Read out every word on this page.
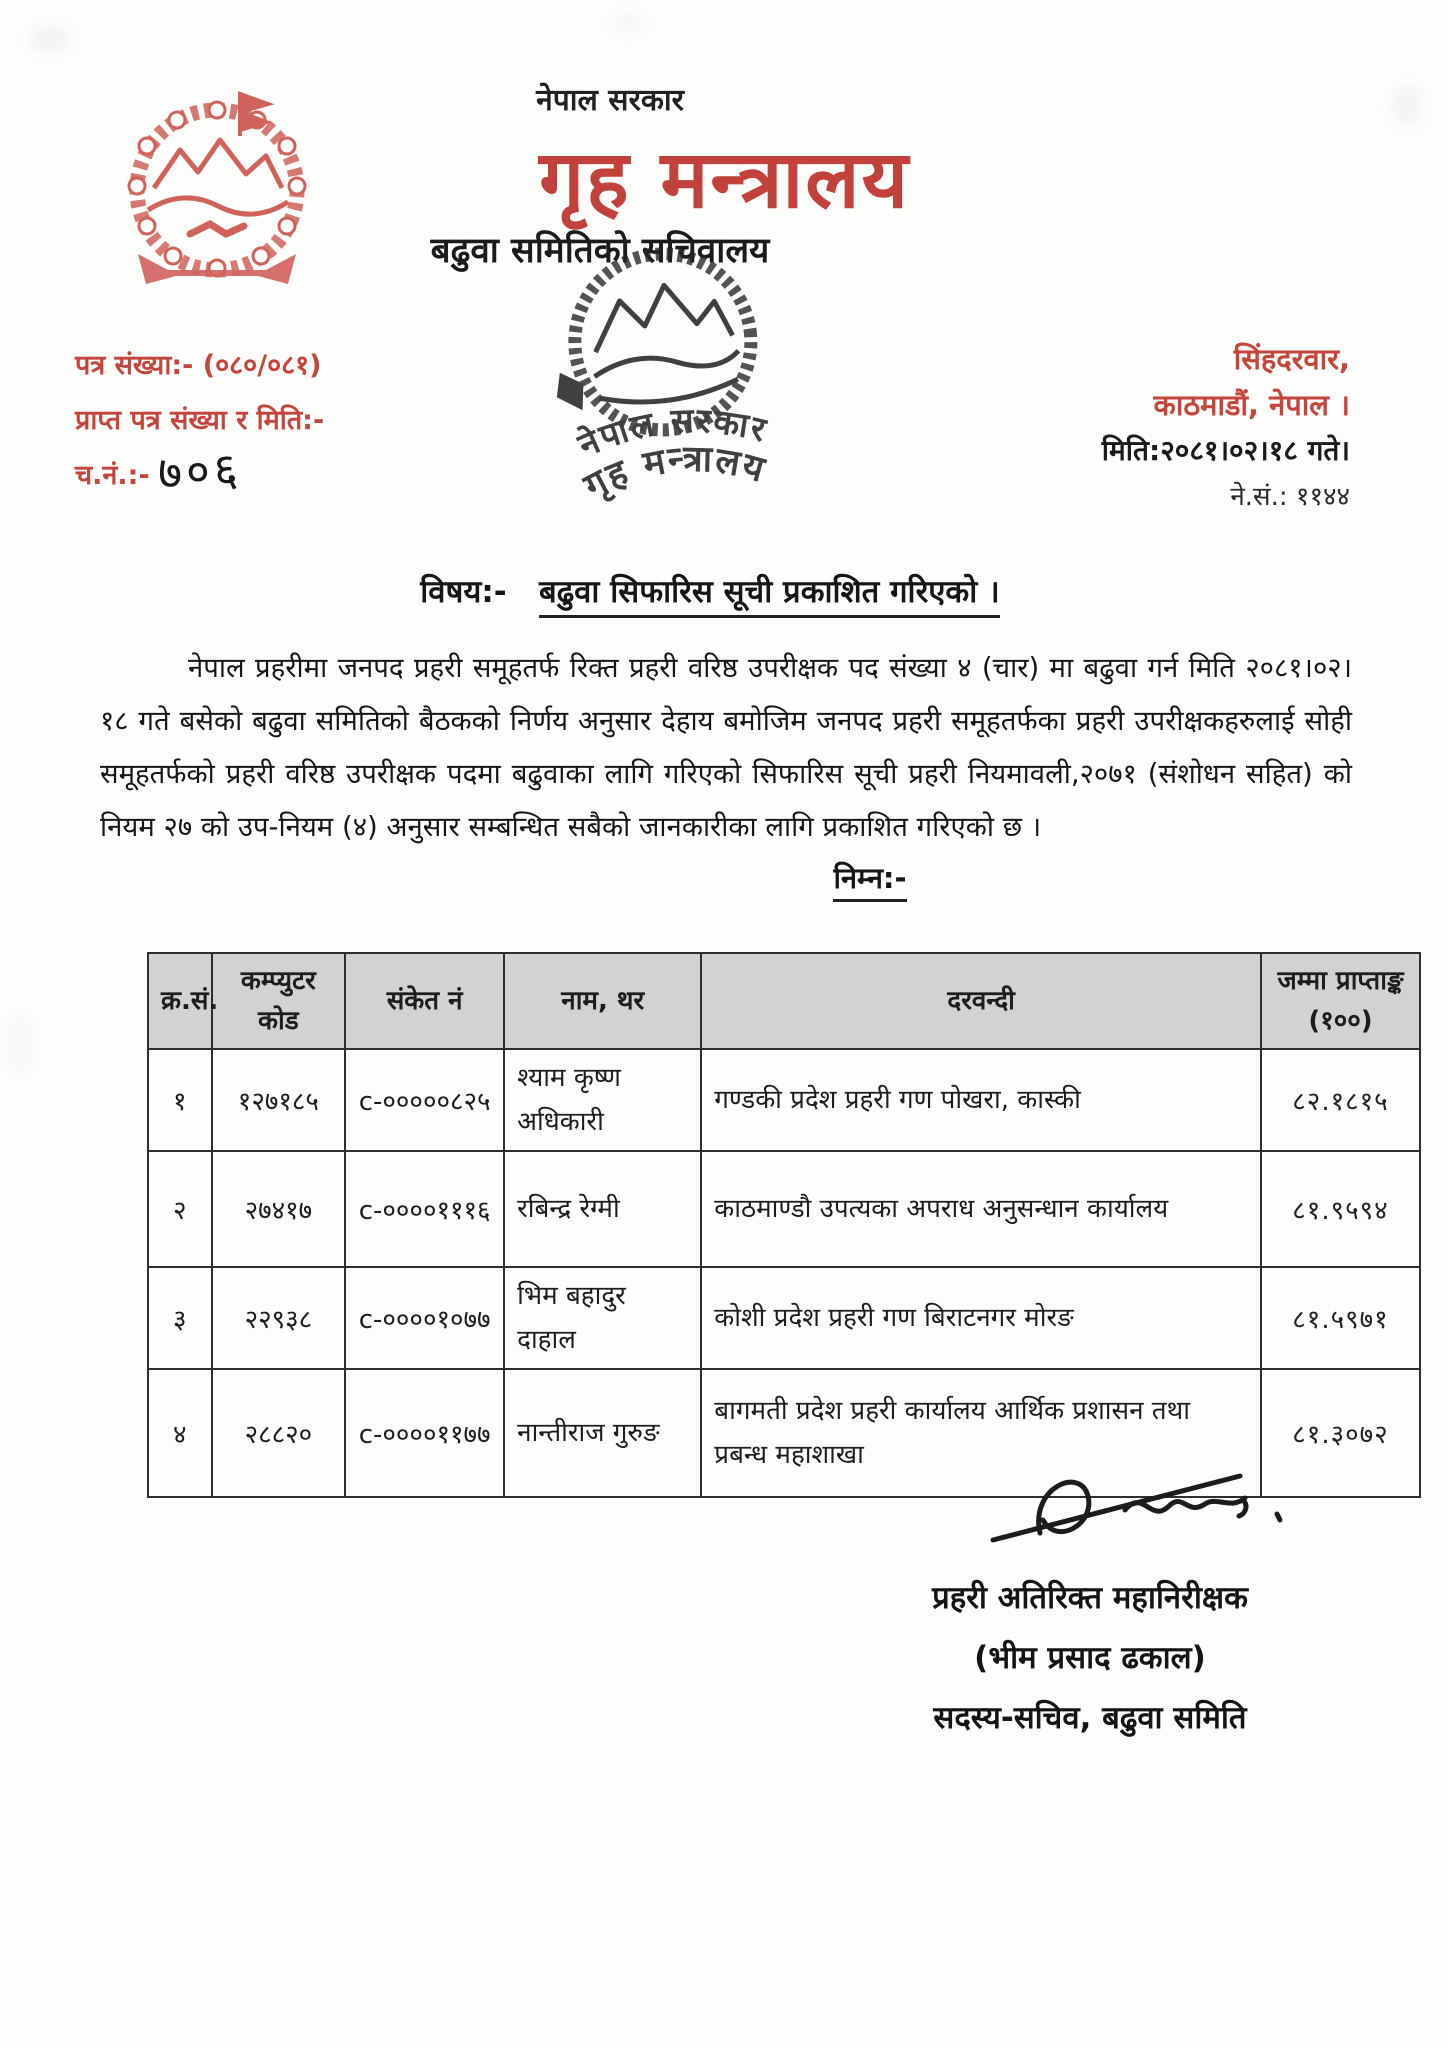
नेपाल सरकार
गृह मन्त्रालय
बढुवा समितिको सचिवालय
नेपाल सरकार
गृह मन्त्रालय
पत्र संख्या:- (०८०/०८१)
प्राप्त पत्र संख्या र मिति:-
च.नं.:- ७०६
सिंहदरवार,
काठमाडौं, नेपाल ।
मिति:२०८१।०२।१८ गते।
ने.सं.: ११४४
विषय:- बढुवा सिफारिस सूची प्रकाशित गरिएको ।
नेपाल प्रहरीमा जनपद प्रहरी समूहतर्फ रिक्त प्रहरी वरिष्ठ उपरीक्षक पद संख्या ४ (चार) मा बढुवा गर्न मिति २०८१।०२।१८ गते बसेको बढुवा समितिको बैठकको निर्णय अनुसार देहाय बमोजिम जनपद प्रहरी समूहतर्फका प्रहरी उपरीक्षकहरुलाई सोही समूहतर्फको प्रहरी वरिष्ठ उपरीक्षक पदमा बढुवाका लागि गरिएको सिफारिस सूची प्रहरी नियमावली,२०७१ (संशोधन सहित) को नियम २७ को उप-नियम (४) अनुसार सम्बन्धित सबैको जानकारीका लागि प्रकाशित गरिएको छ ।
निम्न:-
क्र.सं.	कम्प्युटर कोड	संकेत नं	नाम, थर	दरवन्दी	जम्मा प्राप्ताङ्क (१००)
१	१२७१८५	c-०००००८२५	श्याम कृष्ण अधिकारी	गण्डकी प्रदेश प्रहरी गण पोखरा, कास्की	८२.१८१५
२	२७४१७	c-००००१११६	रबिन्द्र रेग्मी	काठमाण्डौ उपत्यका अपराध अनुसन्धान कार्यालय	८१.९५९४
३	२२९३८	c-००००१०७७	भिम बहादुर दाहाल	कोशी प्रदेश प्रहरी गण बिराटनगर मोरङ	८१.५९७१
४	२८८२०	c-००००११७७	नान्तीराज गुरुङ	बागमती प्रदेश प्रहरी कार्यालय आर्थिक प्रशासन तथा प्रबन्ध महाशाखा	८१.३०७२
प्रहरी अतिरिक्त महानिरीक्षक
(भीम प्रसाद ढकाल)
सदस्य-सचिव, बढुवा समिति
